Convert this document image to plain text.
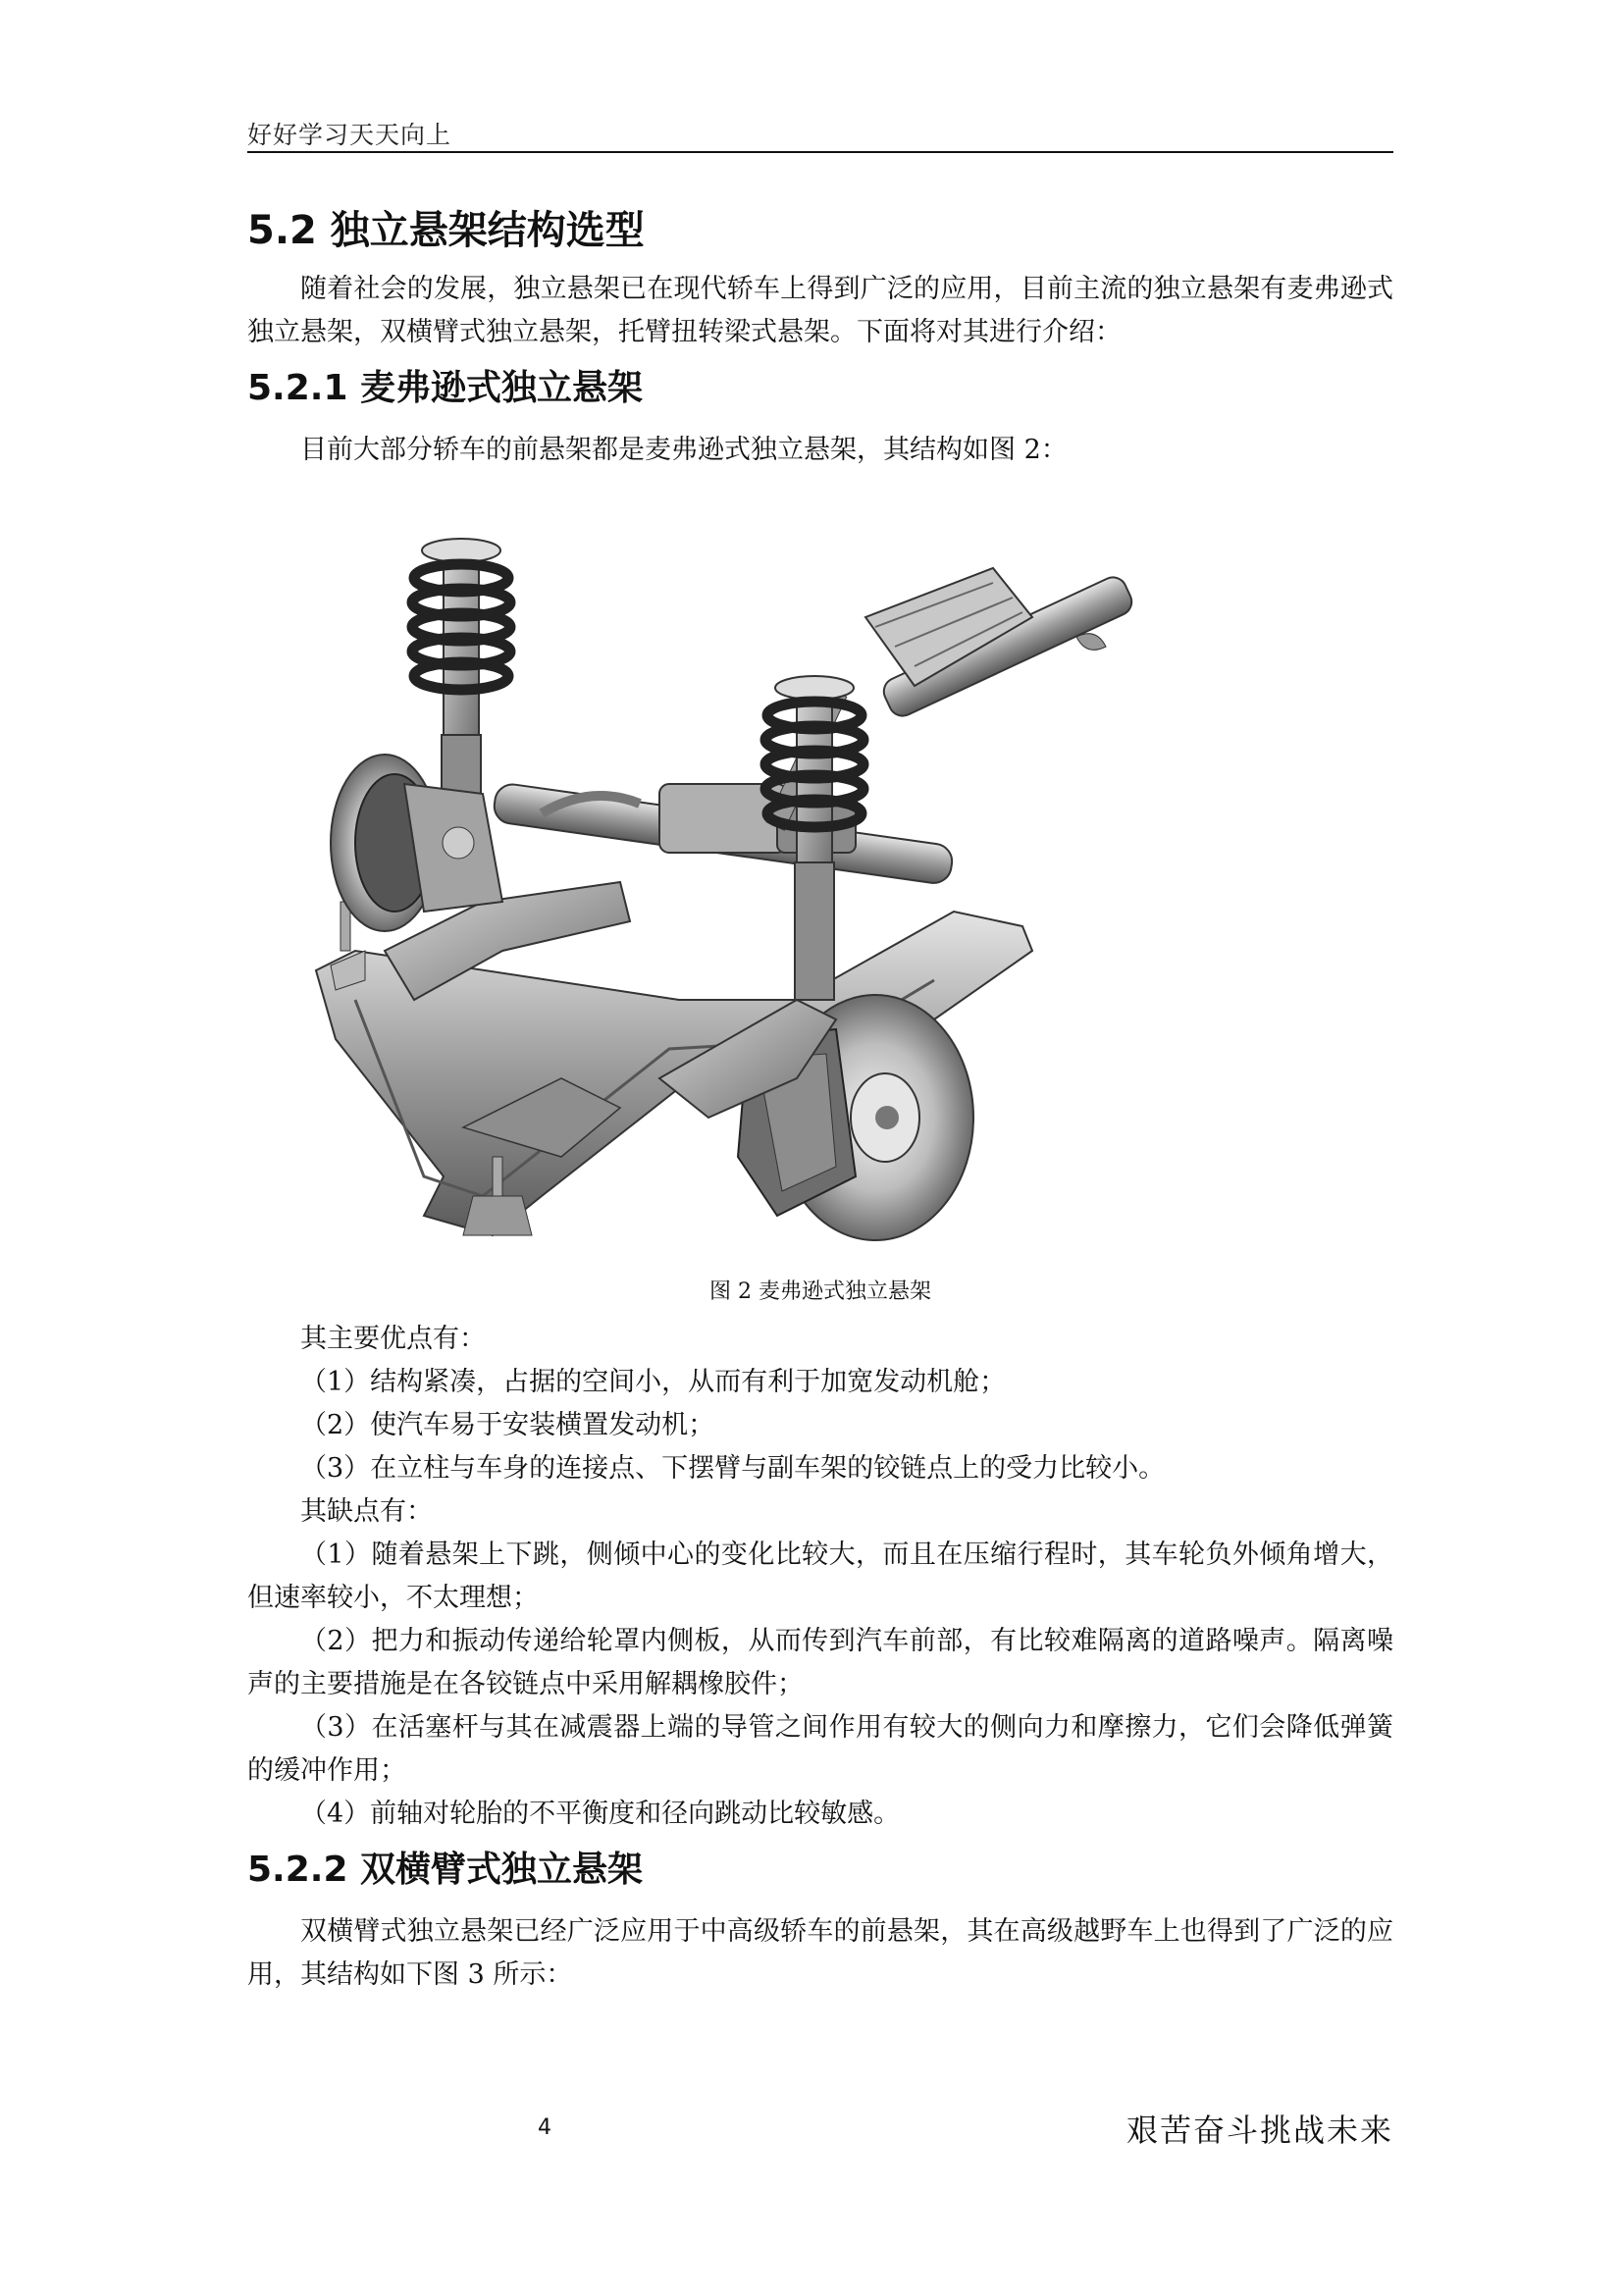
好好学习天天向上
5.2 独立悬架结构选型

随着社会的发展，独立悬架已在现代轿车上得到广泛的应用，目前主流的独立悬架有麦弗逊式独立悬架，双横臂式独立悬架，托臂扭转梁式悬架。下面将对其进行介绍：

5.2.1 麦弗逊式独立悬架

目前大部分轿车的前悬架都是麦弗逊式独立悬架，其结构如图 2：

图 2 麦弗逊式独立悬架

其主要优点有：

（1）结构紧凑，占据的空间小，从而有利于加宽发动机舱；

（2）使汽车易于安装横置发动机；

（3）在立柱与车身的连接点、下摆臂与副车架的铰链点上的受力比较小。

其缺点有：

（1）随着悬架上下跳，侧倾中心的变化比较大，而且在压缩行程时，其车轮负外倾角增大，但速率较小，不太理想；

（2）把力和振动传递给轮罩内侧板，从而传到汽车前部，有比较难隔离的道路噪声。隔离噪声的主要措施是在各铰链点中采用解耦橡胶件；

（3）在活塞杆与其在减震器上端的导管之间作用有较大的侧向力和摩擦力，它们会降低弹簧的缓冲作用；

（4）前轴对轮胎的不平衡度和径向跳动比较敏感。

5.2.2 双横臂式独立悬架

双横臂式独立悬架已经广泛应用于中高级轿车的前悬架，其在高级越野车上也得到了广泛的应用，其结构如下图 3 所示：

4	艰苦奋斗挑战未来
